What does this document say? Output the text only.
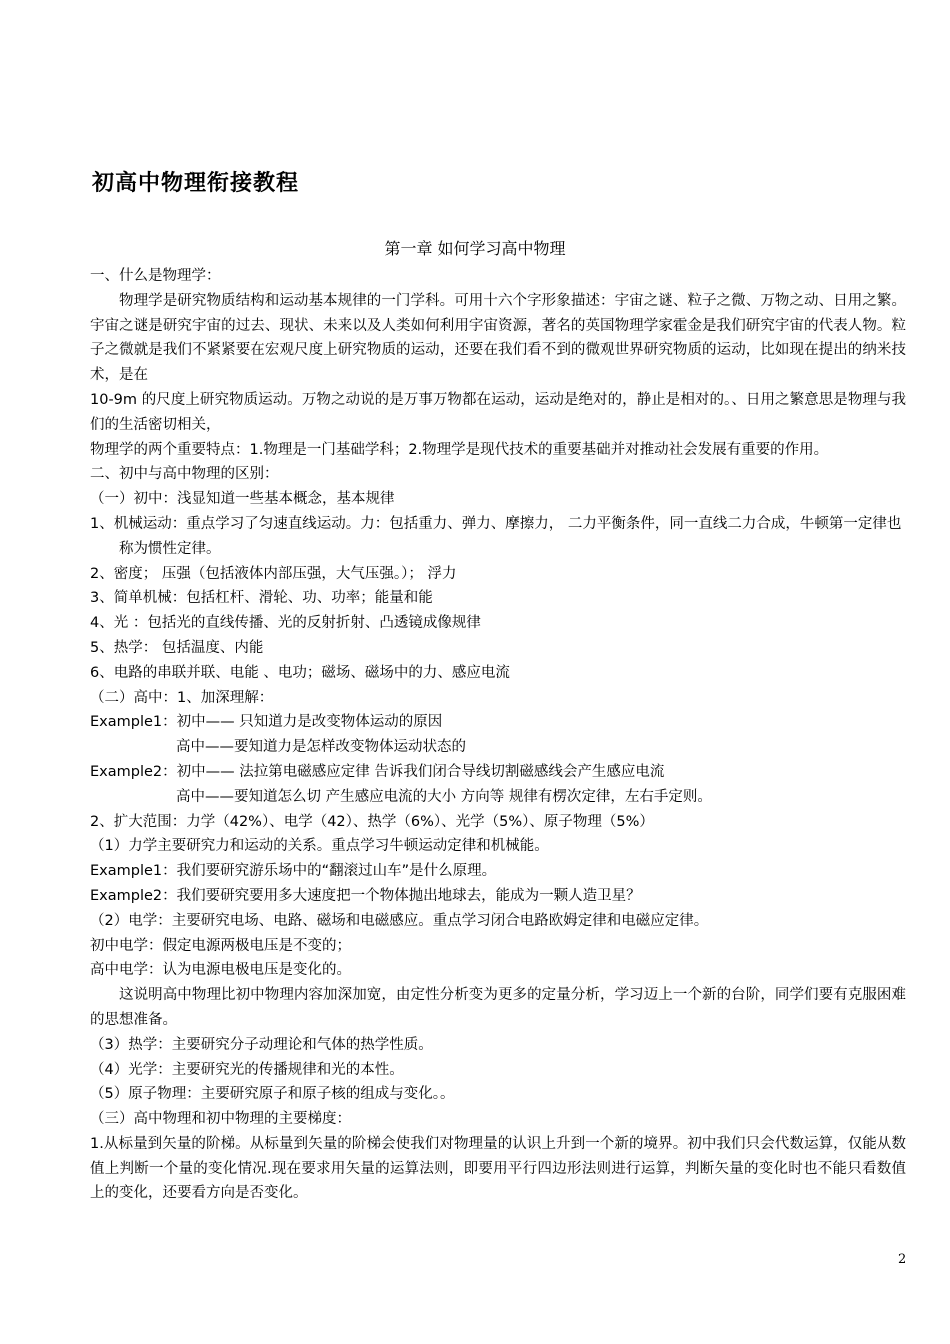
初高中物理衔接教程
第一章 如何学习高中物理

一、什么是物理学：

物理学是研究物质结构和运动基本规律的一门学科。可用十六个字形象描述：宇宙之谜、粒子之微、万物之动、日用之繁。宇宙之谜是研究宇宙的过去、现状、未来以及人类如何利用宇宙资源，著名的英国物理学家霍金是我们研究宇宙的代表人物。粒子之微就是我们不紧紧要在宏观尺度上研究物质的运动，还要在我们看不到的微观世界研究物质的运动，比如现在提出的纳米技术，是在

10-9m 的尺度上研究物质运动。万物之动说的是万事万物都在运动，运动是绝对的，静止是相对的。、日用之繁意思是物理与我们的生活密切相关，

物理学的两个重要特点：1.物理是一门基础学科；2.物理学是现代技术的重要基础并对推动社会发展有重要的作用。

二、初中与高中物理的区别：

（一）初中：浅显知道一些基本概念，基本规律

1、机械运动：重点学习了匀速直线运动。力：包括重力、弹力、摩擦力， 二力平衡条件，同一直线二力合成，牛顿第一定律也称为惯性定律。

2、密度； 压强（包括液体内部压强，大气压强。）； 浮力

3、简单机械：包括杠杆、滑轮、功、功率；能量和能

4、光 ：包括光的直线传播、光的反射折射、凸透镜成像规律

5、热学： 包括温度、内能

6、电路的串联并联、电能 、电功；磁场、磁场中的力、感应电流

（二）高中：1、加深理解：

Example1：初中—— 只知道力是改变物体运动的原因

高中——要知道力是怎样改变物体运动状态的

Example2：初中—— 法拉第电磁感应定律 告诉我们闭合导线切割磁感线会产生感应电流

高中——要知道怎么切 产生感应电流的大小 方向等 规律有楞次定律，左右手定则。

2、扩大范围：力学（42%）、电学（42）、热学（6%）、光学（5%）、原子物理（5%）

（1）力学主要研究力和运动的关系。重点学习牛顿运动定律和机械能。

Example1：我们要研究游乐场中的“翻滚过山车”是什么原理。

Example2：我们要研究要用多大速度把一个物体抛出地球去，能成为一颗人造卫星？

（2）电学：主要研究电场、电路、磁场和电磁感应。重点学习闭合电路欧姆定律和电磁应定律。

初中电学：假定电源两极电压是不变的；

高中电学：认为电源电极电压是变化的。

这说明高中物理比初中物理内容加深加宽，由定性分析变为更多的定量分析，学习迈上一个新的台阶，同学们要有克服困难的思想准备。

（3）热学：主要研究分子动理论和气体的热学性质。

（4）光学：主要研究光的传播规律和光的本性。

（5）原子物理：主要研究原子和原子核的组成与变化。。

（三）高中物理和初中物理的主要梯度：

1.从标量到矢量的阶梯。从标量到矢量的阶梯会使我们对物理量的认识上升到一个新的境界。初中我们只会代数运算，仅能从数值上判断一个量的变化情况.现在要求用矢量的运算法则，即要用平行四边形法则进行运算，判断矢量的变化时也不能只看数值上的变化，还要看方向是否变化。

2
